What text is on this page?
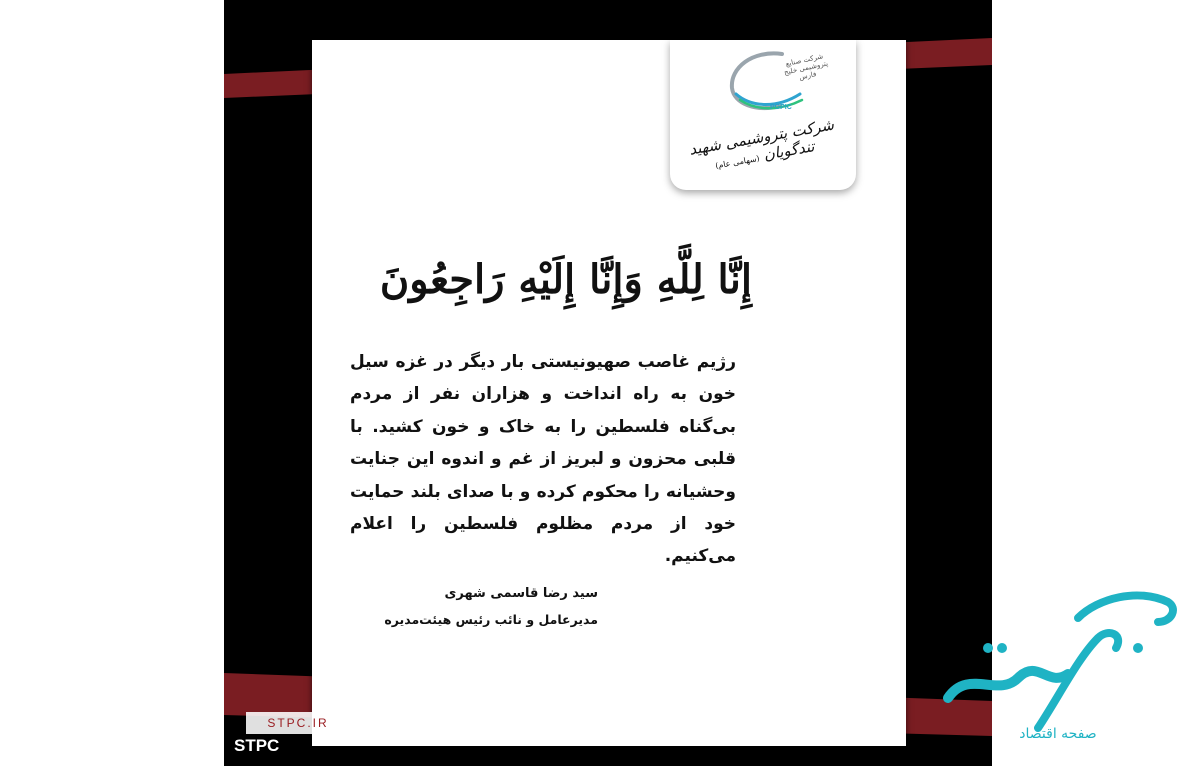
شرکت صنایع پتروشیمی خلیج فارس
PGPIC
شرکت پتروشیمی شهید تندگویان (سهامی عام)
إِنَّا لِلَّهِ وَإِنَّا إِلَيْهِ رَاجِعُونَ
رژیم غاصب صهیونیستی بار دیگر در غزه سیل خون به راه انداخت و هزاران نفر از مردم بی‌گناه فلسطین را به خاک و خون کشید. با قلبی محزون و لبریز از غم و اندوه این جنایت وحشیانه را محکوم کرده و با صدای بلند حمایت خود از مردم مظلوم فلسطین را اعلام می‌کنیم.
سید رضا قاسمی شهری
مدیرعامل و نائب رئیس هیئت‌مدیره
STPC.IR
STPC
صفحه اقتصاد
